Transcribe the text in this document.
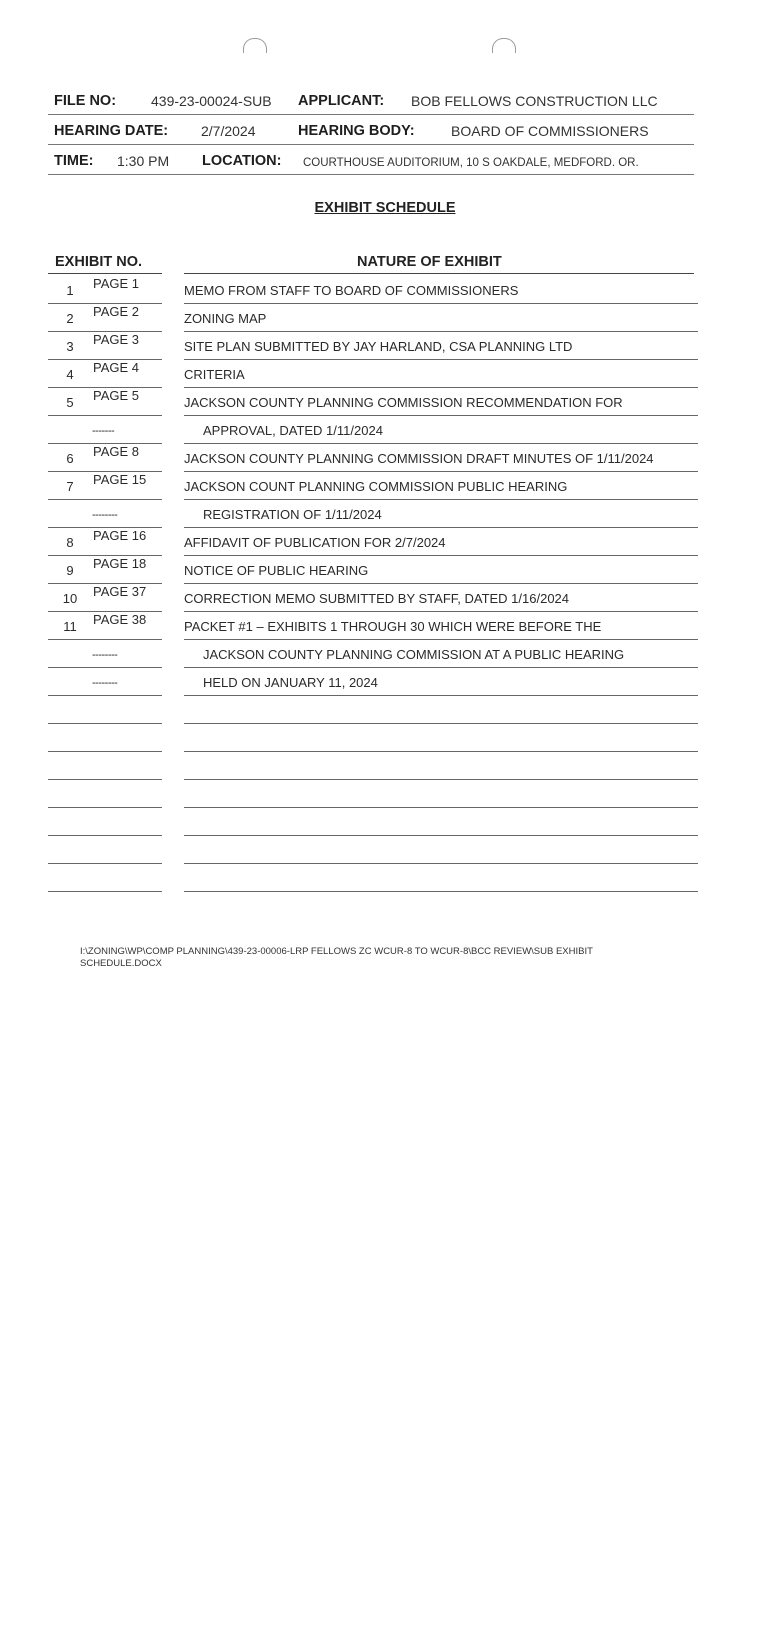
FILE NO: 439-23-00024-SUB APPLICANT: BOB FELLOWS CONSTRUCTION LLC
HEARING DATE: 2/7/2024	HEARING BODY:	BOARD OF COMMISSIONERS
TIME: 1:30 PM LOCATION: COURTHOUSE AUDITORIUM, 10 S OAKDALE, MEDFORD. OR.
EXHIBIT SCHEDULE
EXHIBIT NO.	NATURE OF EXHIBIT
1	PAGE 1	MEMO FROM STAFF TO BOARD OF COMMISSIONERS
2	PAGE 2	ZONING MAP
3	PAGE 3	SITE PLAN SUBMITTED BY JAY HARLAND, CSA PLANNING LTD
4	PAGE 4	CRITERIA
5	PAGE 5	JACKSON COUNTY PLANNING COMMISSION RECOMMENDATION FOR
-------	APPROVAL, DATED 1/11/2024
6	PAGE 8	JACKSON COUNTY PLANNING COMMISSION DRAFT MINUTES OF 1/11/2024
7	PAGE 15	JACKSON COUNT PLANNING COMMISSION PUBLIC HEARING
--------	REGISTRATION OF 1/11/2024
8	PAGE 16	AFFIDAVIT OF PUBLICATION FOR 2/7/2024
9	PAGE 18	NOTICE OF PUBLIC HEARING
10 PAGE 37	CORRECTION MEMO SUBMITTED BY STAFF, DATED 1/16/2024
11 PAGE 38	PACKET #1 – EXHIBITS 1 THROUGH 30 WHICH WERE BEFORE THE
--------	JACKSON COUNTY PLANNING COMMISSION AT A PUBLIC HEARING
--------	HELD ON JANUARY 11, 2024
I:\ZONING\WP\COMP PLANNING\439-23-00006-LRP FELLOWS ZC WCUR-8 TO WCUR-8\BCC REVIEW\SUB EXHIBIT SCHEDULE.DOCX
